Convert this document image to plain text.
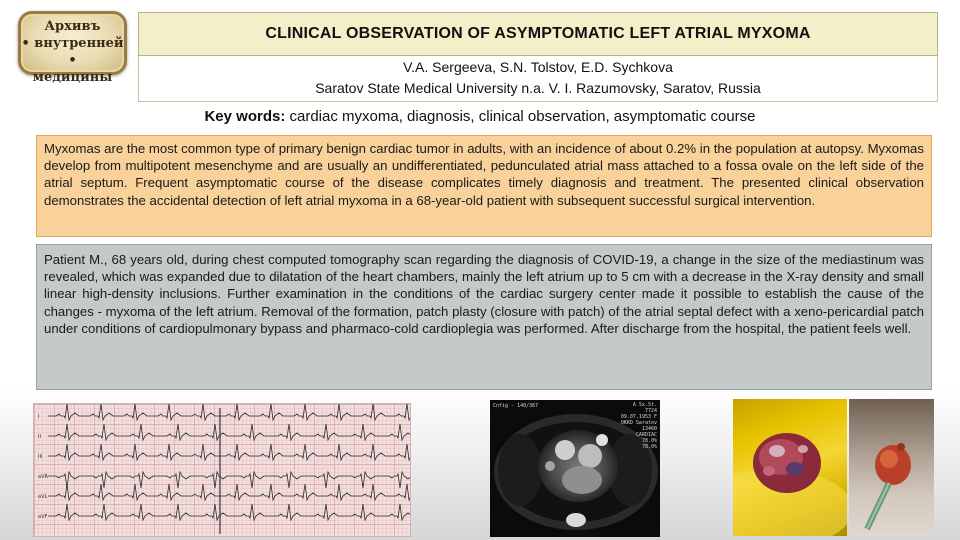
Архивъ
• внутренней •
медицины
CLINICAL OBSERVATION OF ASYMPTOMATIC LEFT ATRIAL MYXOMA
V.A. Sergeeva, S.N. Tolstov, E.D. Sychkova
Saratov State Medical University n.a. V. I. Razumovsky, Saratov, Russia
Key words: cardiac myxoma, diagnosis, clinical observation, asymptomatic course
Myxomas are the most common type of primary benign cardiac tumor in adults, with an incidence of about 0.2% in the population at autopsy. Myxomas develop from multipotent mesenchyme and are usually an undifferentiated, pedunculated atrial mass attached to a fossa ovale on the left side of the atrial septum. Frequent asymptomatic course of the disease complicates timely diagnosis and treatment. The presented clinical observation demonstrates the accidental detection of left atrial myxoma in a 68-year-old patient with subsequent successful surgical intervention.
Patient M., 68 years old, during chest computed tomography scan regarding the diagnosis of COVID-19, a change in the size of the mediastinum was revealed, which was expanded due to dilatation of the heart chambers, mainly the left atrium up to 5 cm with a decrease in the X-ray density and small linear high-density inclusions. Further examination in the conditions of the cardiac surgery center made it possible to establish the cause of the changes - myxoma of the left atrium. Removal of the formation, patch plasty (closure with patch) of the atrial septal defect with a xeno-pericardial patch under conditions of cardiopulmonary bypass and pharmaco-cold cardioplegia was performed. After discharge from the hospital, the patient feels well.
I
II
III
aVR
aVL
aVF
Cnfig - 140/367	A Sx.St.
7724
09.07.1953 F
OKKD Saratov
13460
CARDIAC
78.0%
78.0%
